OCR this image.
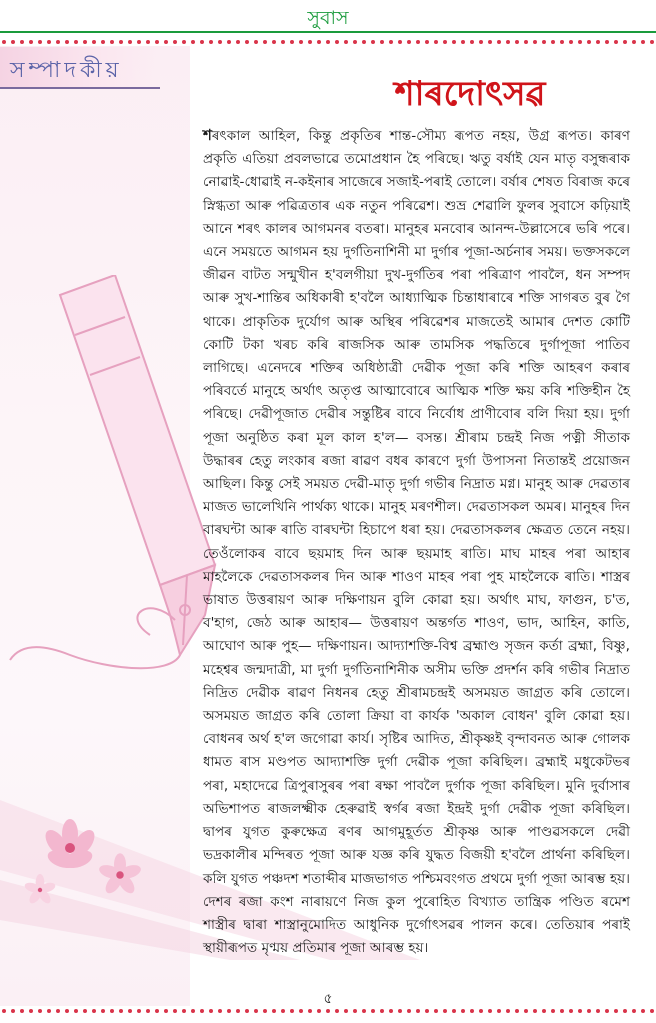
সুবাস
সম্পাদকীয়
শাৰদোৎসৱ

শৰৎকাল আহিল, কিন্তু প্ৰকৃতিৰ শান্ত-সৌম্য ৰূপত নহয়, উগ্ৰ ৰূপত। কাৰণ প্ৰকৃতি এতিয়া প্ৰবলভাৱে তমোপ্ৰধান হৈ পৰিছে। ঋতু বৰ্ষাই যেন মাতৃ বসুন্ধৰাক নোৱাই-ধোৱাই ন-কইনাৰ সাজেৰে সজাই-পৰাই তোলে। বৰ্ষাৰ শেষত বিৰাজ কৰে স্নিগ্ধতা আৰু পৱিত্ৰতাৰ এক নতুন পৰিৱেশ। শুভ্ৰ শেৱালি ফুলৰ সুবাসে কঢ়িয়াই আনে শৰৎ কালৰ আগমনৰ বতৰা। মানুহৰ মনবোৰ আনন্দ-উল্লাসেৰে ভৰি পৰে। এনে সময়তে আগমন হয় দুৰ্গতিনাশিনী মা দুৰ্গাৰ পূজা-অৰ্চনাৰ সময়। ভক্তসকলে জীৱন বাটত সন্মুখীন হ'বলগীয়া দুখ-দুৰ্গতিৰ পৰা পৰিত্ৰাণ পাবলৈ, ধন সম্পদ আৰু সুখ-শান্তিৰ অধিকাৰী হ'বলৈ আধ্যাত্মিক চিন্তাধাৰাৰে শক্তি সাগৰত বুৰ গৈ থাকে। প্ৰাকৃতিক দুৰ্যোগ আৰু অস্থিৰ পৰিৱেশৰ মাজতেই আমাৰ দেশত কোটি কোটি টকা খৰচ কৰি ৰাজসিক আৰু তামসিক পদ্ধতিৰে দুৰ্গাপূজা পাতিব লাগিছে। এনেদৰে শক্তিৰ অধিষ্ঠাত্ৰী দেৱীক পূজা কৰি শক্তি আহৰণ কৰাৰ পৰিবৰ্তে মানুহে অৰ্থাৎ অতৃপ্ত আত্মাবোৰে আত্মিক শক্তি ক্ষয় কৰি শক্তিহীন হৈ পৰিছে। দেৱীপূজাত দেৱীৰ সন্তুষ্টিৰ বাবে নিৰ্বোধ প্ৰাণীবোৰ বলি দিয়া হয়। দুৰ্গা পূজা অনুষ্ঠিত কৰা মূল কাল হ'ল— বসন্ত। শ্ৰীৰাম চন্দ্ৰই নিজ পত্নী সীতাক উদ্ধাৰৰ হেতু লংকাৰ ৰজা ৰাৱণ বধৰ কাৰণে দুৰ্গা উপাসনা নিতান্তই প্ৰয়োজন আছিল। কিন্তু সেই সময়ত দেৱী-মাতৃ দুৰ্গা গভীৰ নিদ্ৰাত মগ্ন। মানুহ আৰু দেৱতাৰ মাজত ভালেখিনি পাৰ্থক্য থাকে। মানুহ মৰণশীল। দেৱতাসকল অমৰ। মানুহৰ দিন বাৰঘন্টা আৰু ৰাতি বাৰঘন্টা হিচাপে ধৰা হয়। দেৱতাসকলৰ ক্ষেত্ৰত তেনে নহয়। তেওঁলোকৰ বাবে ছয়মাহ দিন আৰু ছয়মাহ ৰাতি। মাঘ মাহৰ পৰা আহাৰ মাহলৈকে দেৱতাসকলৰ দিন আৰু শাওণ মাহৰ পৰা পুহ মাহলৈকে ৰাতি। শাস্ত্ৰৰ ভাষাত উত্তৰায়ণ আৰু দক্ষিণায়ন বুলি কোৱা হয়। অৰ্থাৎ মাঘ, ফাগুন, চ'ত, ব'হাগ, জেঠ আৰু আহাৰ— উত্তৰায়ণ অন্তৰ্গত শাওণ, ভাদ, আহিন, কাতি, আঘোণ আৰু পুহ— দক্ষিণায়ন। আদ্যাশক্তি-বিশ্ব ব্ৰহ্মাণ্ড সৃজন কৰ্তা ব্ৰহ্মা, বিষ্ণু, মহেশ্বৰ জন্মদাত্ৰী, মা দুৰ্গা দুৰ্গতিনাশিনীক অসীম ভক্তি প্ৰদৰ্শন কৰি গভীৰ নিদ্ৰাত নিদ্ৰিত দেৱীক ৰাৱণ নিধনৰ হেতু শ্ৰীৰামচন্দ্ৰই অসময়ত জাগ্ৰত কৰি তোলে। অসময়ত জাগ্ৰত কৰি তোলা ক্ৰিয়া বা কাৰ্যক 'অকাল বোধন' বুলি কোৱা হয়। বোধনৰ অৰ্থ হ'ল জগোৱা কাৰ্য। সৃষ্টিৰ আদিত, শ্ৰীকৃষ্ণই বৃন্দাবনত আৰু গোলক ধামত ৰাস মণ্ডপত আদ্যাশক্তি দুৰ্গা দেৱীক পূজা কৰিছিল। ব্ৰহ্মাই মধুকেটভৰ পৰা, মহাদেৱে ত্ৰিপুৰাসুৰৰ পৰা ৰক্ষা পাবলৈ দুৰ্গাক পূজা কৰিছিল। মুনি দুৰ্বাসাৰ অভিশাপত ৰাজলক্ষ্মীক হেৰুৱাই স্বৰ্গৰ ৰজা ইন্দ্ৰই দুৰ্গা দেৱীক পূজা কৰিছিল। দ্বাপৰ যুগত কুৰুক্ষেত্ৰ ৰণৰ আগমুহূৰ্তত শ্ৰীকৃষ্ণ আৰু পাণ্ডৱসকলে দেৱী ভদ্ৰকালীৰ মন্দিৰত পূজা আৰু যজ্ঞ কৰি যুদ্ধত বিজয়ী হ'বলৈ প্ৰাৰ্থনা কৰিছিল। কলি যুগত পঞ্চদশ শতাব্দীৰ মাজভাগত পশ্চিমবংগত প্ৰথমে দুৰ্গা পূজা আৰম্ভ হয়। দেশৰ ৰজা কংশ নাৰায়ণে নিজ কুল পুৰোহিত বিখ্যাত তান্ত্ৰিক পণ্ডিত ৰমেশ শাস্ত্ৰীৰ দ্বাৰা শাস্ত্ৰানুমোদিত আধুনিক দুৰ্গোৎসৱৰ পালন কৰে। তেতিয়াৰ পৰাই স্থায়ীৰূপত মৃণ্ময় প্ৰতিমাৰ পূজা আৰম্ভ হয়।

৫
